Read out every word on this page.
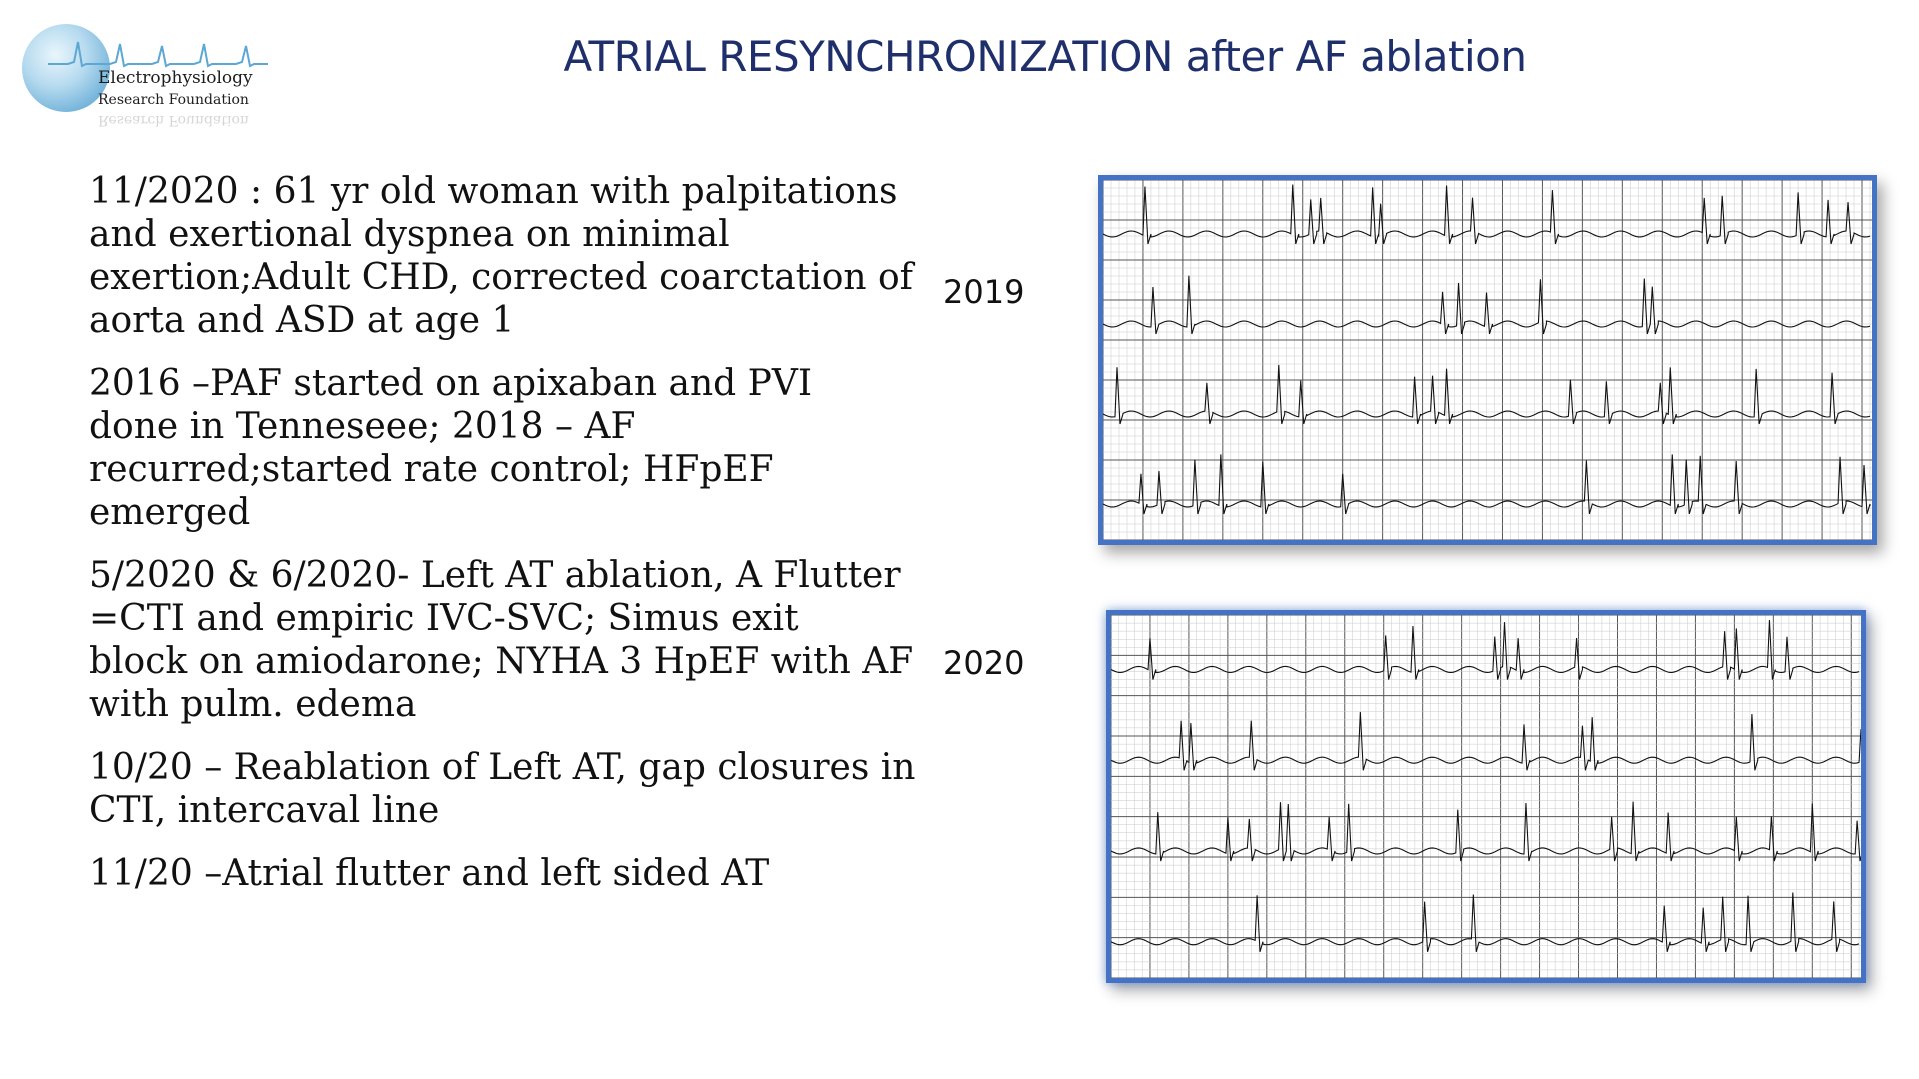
Electrophysiology
Research Foundation
Research Foundation
ATRIAL RESYNCHRONIZATION after AF ablation

11/2020 : 61 yr old woman with palpitations
and exertional dyspnea on minimal
exertion;Adult CHD, corrected coarctation of
aorta and ASD at age 1

2016 –PAF started on apixaban and PVI
done in Tenneseee; 2018 – AF
recurred;started rate control; HFpEF
emerged

5/2020 & 6/2020- Left AT ablation, A Flutter
=CTI and empiric IVC-SVC; Simus exit
block on amiodarone; NYHA 3 HpEF with AF
with pulm. edema

10/20 – Reablation of Left AT, gap closures in
CTI, intercaval line

11/20 –Atrial flutter and left sided AT

2019
2020
